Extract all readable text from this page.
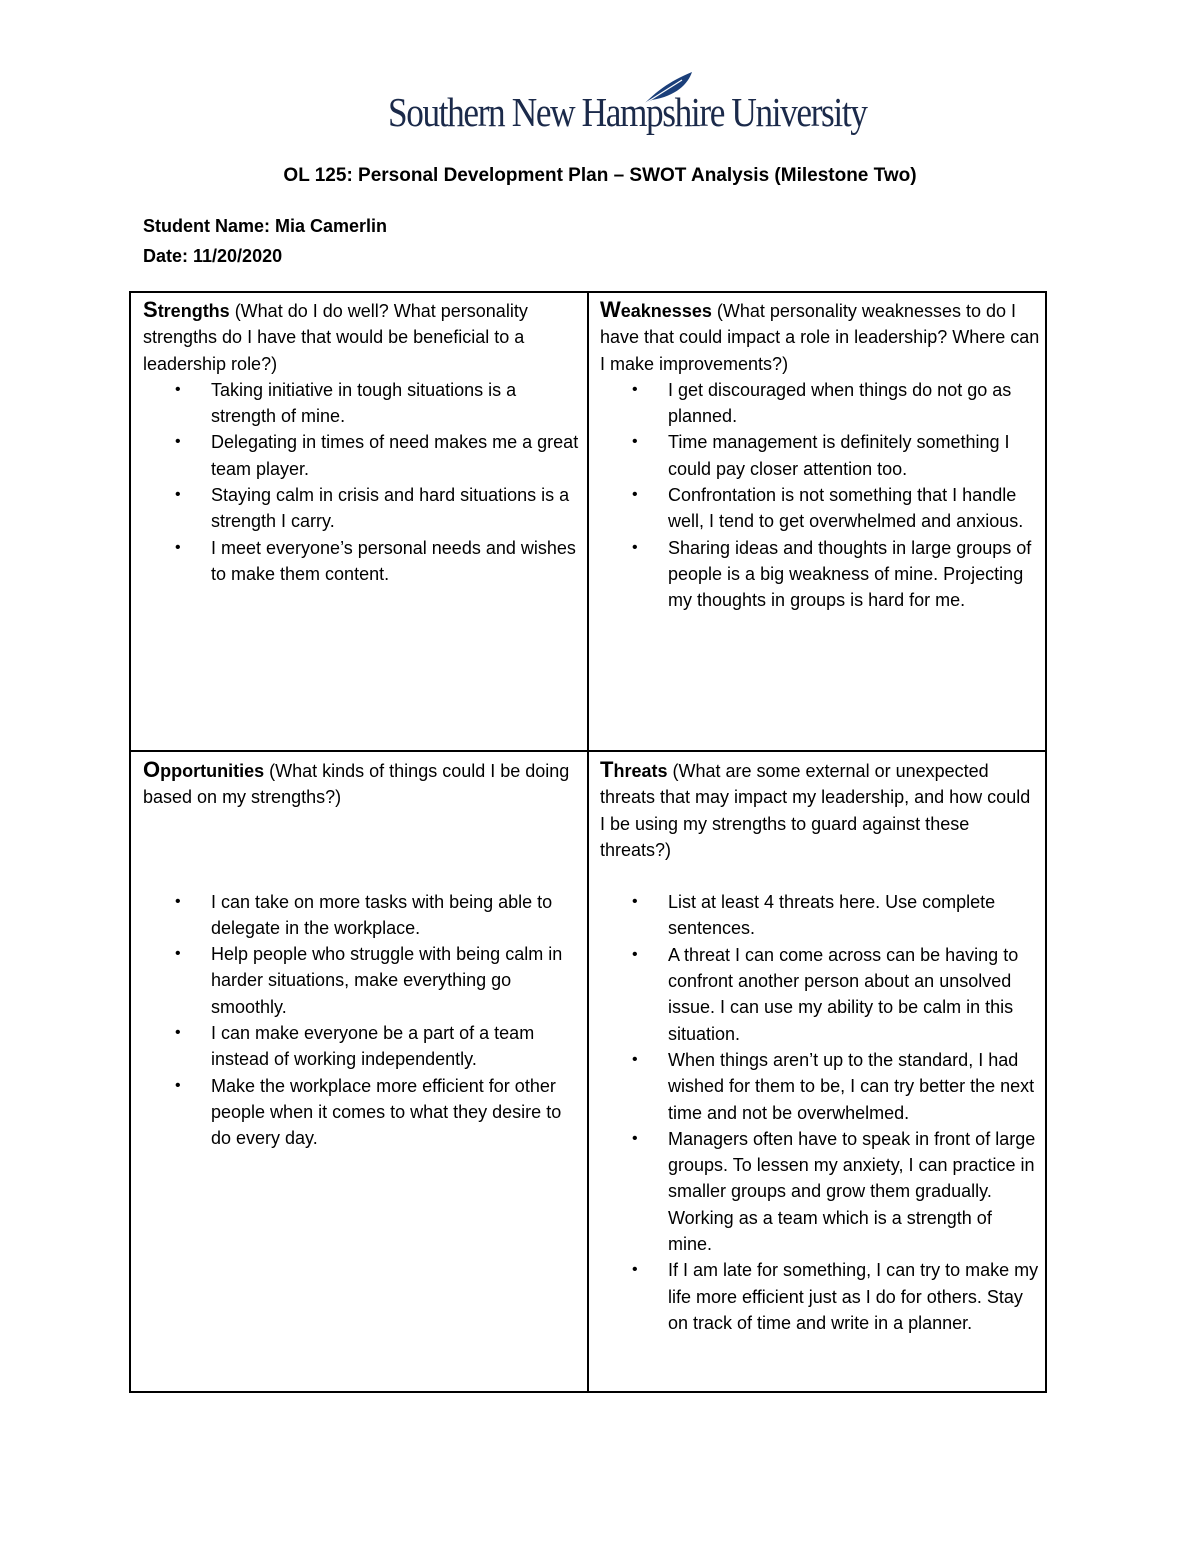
Southern New Hampshire University
OL 125: Personal Development Plan – SWOT Analysis (Milestone Two)
Student Name: Mia Camerlin
Date: 11/20/2020

Strengths (What do I do well? What personality strengths do I have that would be beneficial to a leadership role?)

• Taking initiative in tough situations is a strength of mine.
• Delegating in times of need makes me a great team player.
• Staying calm in crisis and hard situations is a strength I carry.
• I meet everyone’s personal needs and wishes to make them content.

Weaknesses (What personality weaknesses to do I have that could impact a role in leadership? Where can I make improvements?)

• I get discouraged when things do not go as planned.
• Time management is definitely something I could pay closer attention too.
• Confrontation is not something that I handle well, I tend to get overwhelmed and anxious.
• Sharing ideas and thoughts in large groups of people is a big weakness of mine. Projecting my thoughts in groups is hard for me.

Opportunities (What kinds of things could I be doing based on my strengths?)

• I can take on more tasks with being able to delegate in the workplace.
• Help people who struggle with being calm in harder situations, make everything go smoothly.
• I can make everyone be a part of a team instead of working independently.
• Make the workplace more efficient for other people when it comes to what they desire to do every day.

Threats (What are some external or unexpected threats that may impact my leadership, and how could I be using my strengths to guard against these threats?)

• List at least 4 threats here. Use complete sentences.
• A threat I can come across can be having to confront another person about an unsolved issue. I can use my ability to be calm in this situation.
• When things aren’t up to the standard, I had wished for them to be, I can try better the next time and not be overwhelmed.
• Managers often have to speak in front of large groups. To lessen my anxiety, I can practice in smaller groups and grow them gradually. Working as a team which is a strength of mine.
• If I am late for something, I can try to make my life more efficient just as I do for others. Stay on track of time and write in a planner.
